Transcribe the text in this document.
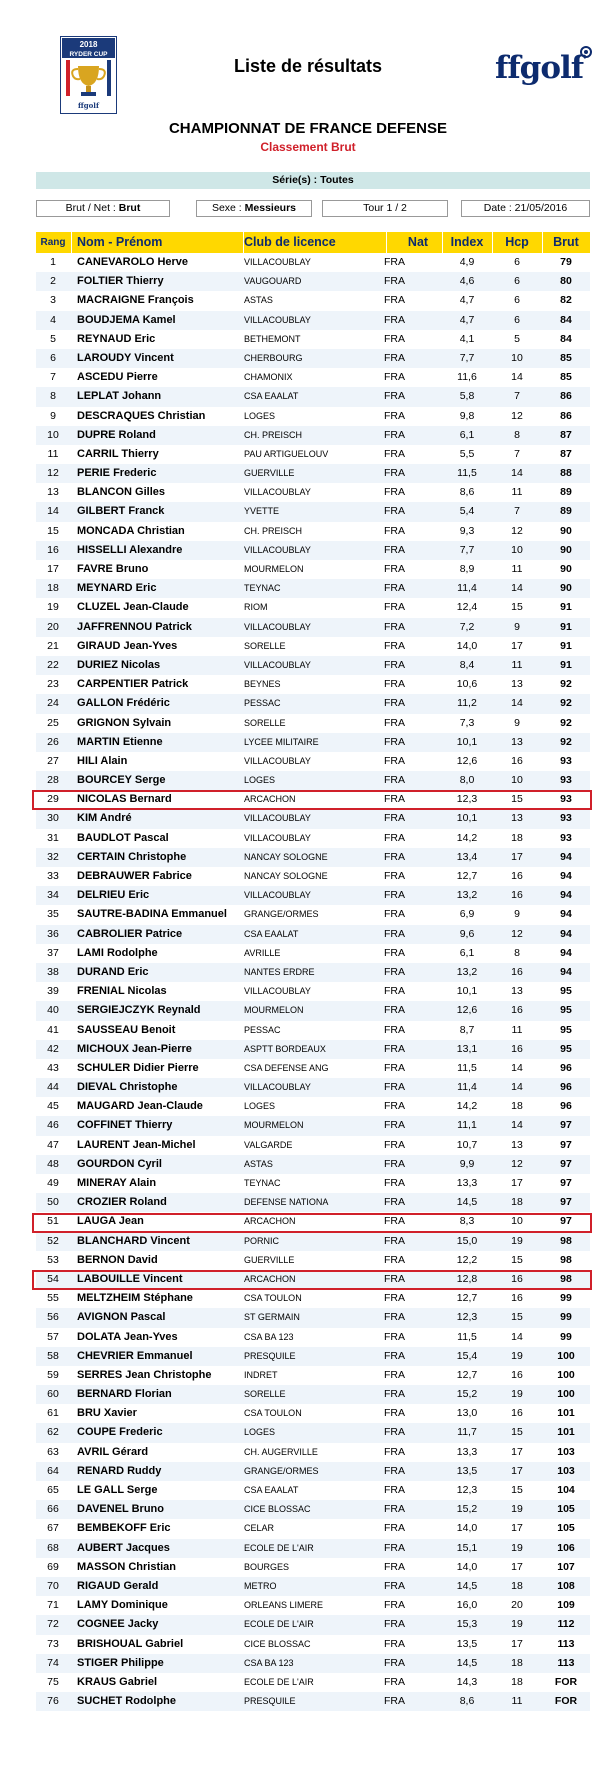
2018
RYDER CUP
ffgolf
Liste de résultats	ffgolf
CHAMPIONNAT DE FRANCE DEFENSE
Classement Brut
Série(s) : Toutes
Brut / Net : Brut	Sexe : Messieurs	Tour 1 / 2	Date : 21/05/2016
Rang Nom - Prénom	Club de licence	Nat	Index	Hcp	Brut
1	CANEVAROLO Herve	VILLACOUBLAY	FRA	4,9	6	79
2	FOLTIER Thierry	VAUGOUARD	FRA	4,6	6	80
3	MACRAIGNE François	ASTAS	FRA	4,7	6	82
4	BOUDJEMA Kamel	VILLACOUBLAY	FRA	4,7	6	84
5	REYNAUD Eric	BETHEMONT	FRA	4,1	5	84
6	LAROUDY Vincent	CHERBOURG	FRA	7,7	10	85
7	ASCEDU Pierre	CHAMONIX	FRA	11,6	14	85
8	LEPLAT Johann	CSA EAALAT	FRA	5,8	7	86
9	DESCRAQUES Christian	LOGES	FRA	9,8	12	86
10	DUPRE Roland	CH. PREISCH	FRA	6,1	8	87
11	CARRIL Thierry	PAU ARTIGUELOUV	FRA	5,5	7	87
12	PERIE Frederic	GUERVILLE	FRA	11,5	14	88
13	BLANCON Gilles	VILLACOUBLAY	FRA	8,6	11	89
14	GILBERT Franck	YVETTE	FRA	5,4	7	89
15	MONCADA Christian	CH. PREISCH	FRA	9,3	12	90
16	HISSELLI Alexandre	VILLACOUBLAY	FRA	7,7	10	90
17	FAVRE Bruno	MOURMELON	FRA	8,9	11	90
18	MEYNARD Eric	TEYNAC	FRA	11,4	14	90
19	CLUZEL Jean-Claude	RIOM	FRA	12,4	15	91
20	JAFFRENNOU Patrick	VILLACOUBLAY	FRA	7,2	9	91
21	GIRAUD Jean-Yves	SORELLE	FRA	14,0	17	91
22	DURIEZ Nicolas	VILLACOUBLAY	FRA	8,4	11	91
23	CARPENTIER Patrick	BEYNES	FRA	10,6	13	92
24	GALLON Frédéric	PESSAC	FRA	11,2	14	92
25	GRIGNON Sylvain	SORELLE	FRA	7,3	9	92
26	MARTIN Etienne	LYCEE MILITAIRE	FRA	10,1	13	92
27	HILI Alain	VILLACOUBLAY	FRA	12,6	16	93
28	BOURCEY Serge	LOGES	FRA	8,0	10	93
29	NICOLAS Bernard	ARCACHON	FRA	12,3	15	93
30	KIM André	VILLACOUBLAY	FRA	10,1	13	93
31	BAUDLOT Pascal	VILLACOUBLAY	FRA	14,2	18	93
32	CERTAIN Christophe	NANCAY SOLOGNE	FRA	13,4	17	94
33	DEBRAUWER Fabrice	NANCAY SOLOGNE	FRA	12,7	16	94
34	DELRIEU Eric	VILLACOUBLAY	FRA	13,2	16	94
35	SAUTRE-BADINA Emmanuel	GRANGE/ORMES	FRA	6,9	9	94
36	CABROLIER Patrice	CSA EAALAT	FRA	9,6	12	94
37	LAMI Rodolphe	AVRILLE	FRA	6,1	8	94
38	DURAND Eric	NANTES ERDRE	FRA	13,2	16	94
39	FRENIAL Nicolas	VILLACOUBLAY	FRA	10,1	13	95
40	SERGIEJCZYK Reynald	MOURMELON	FRA	12,6	16	95
41	SAUSSEAU Benoit	PESSAC	FRA	8,7	11	95
42	MICHOUX Jean-Pierre	ASPTT BORDEAUX	FRA	13,1	16	95
43	SCHULER Didier Pierre	CSA DEFENSE ANG	FRA	11,5	14	96
44	DIEVAL Christophe	VILLACOUBLAY	FRA	11,4	14	96
45	MAUGARD Jean-Claude	LOGES	FRA	14,2	18	96
46	COFFINET Thierry	MOURMELON	FRA	11,1	14	97
47	LAURENT Jean-Michel	VALGARDE	FRA	10,7	13	97
48	GOURDON Cyril	ASTAS	FRA	9,9	12	97
49	MINERAY Alain	TEYNAC	FRA	13,3	17	97
50	CROZIER Roland	DEFENSE NATIONA	FRA	14,5	18	97
51	LAUGA Jean	ARCACHON	FRA	8,3	10	97
52	BLANCHARD Vincent	PORNIC	FRA	15,0	19	98
53	BERNON David	GUERVILLE	FRA	12,2	15	98
54	LABOUILLE Vincent	ARCACHON	FRA	12,8	16	98
55	MELTZHEIM Stéphane	CSA TOULON	FRA	12,7	16	99
56	AVIGNON Pascal	ST GERMAIN	FRA	12,3	15	99
57	DOLATA Jean-Yves	CSA BA 123	FRA	11,5	14	99
58	CHEVRIER Emmanuel	PRESQUILE	FRA	15,4	19	100
59	SERRES Jean Christophe	INDRET	FRA	12,7	16	100
60	BERNARD Florian	SORELLE	FRA	15,2	19	100
61	BRU Xavier	CSA TOULON	FRA	13,0	16	101
62	COUPE Frederic	LOGES	FRA	11,7	15	101
63	AVRIL Gérard	CH. AUGERVILLE	FRA	13,3	17	103
64	RENARD Ruddy	GRANGE/ORMES	FRA	13,5	17	103
65	LE GALL Serge	CSA EAALAT	FRA	12,3	15	104
66	DAVENEL Bruno	CICE BLOSSAC	FRA	15,2	19	105
67	BEMBEKOFF Eric	CELAR	FRA	14,0	17	105
68	AUBERT Jacques	ECOLE DE L'AIR	FRA	15,1	19	106
69	MASSON Christian	BOURGES	FRA	14,0	17	107
70	RIGAUD Gerald	METRO	FRA	14,5	18	108
71	LAMY Dominique	ORLEANS LIMERE	FRA	16,0	20	109
72	COGNEE Jacky	ECOLE DE L'AIR	FRA	15,3	19	112
73	BRISHOUAL Gabriel	CICE BLOSSAC	FRA	13,5	17	113
74	STIGER Philippe	CSA BA 123	FRA	14,5	18	113
75	KRAUS Gabriel	ECOLE DE L'AIR	FRA	14,3	18	FOR
76	SUCHET Rodolphe	PRESQUILE	FRA	8,6	11	FOR
